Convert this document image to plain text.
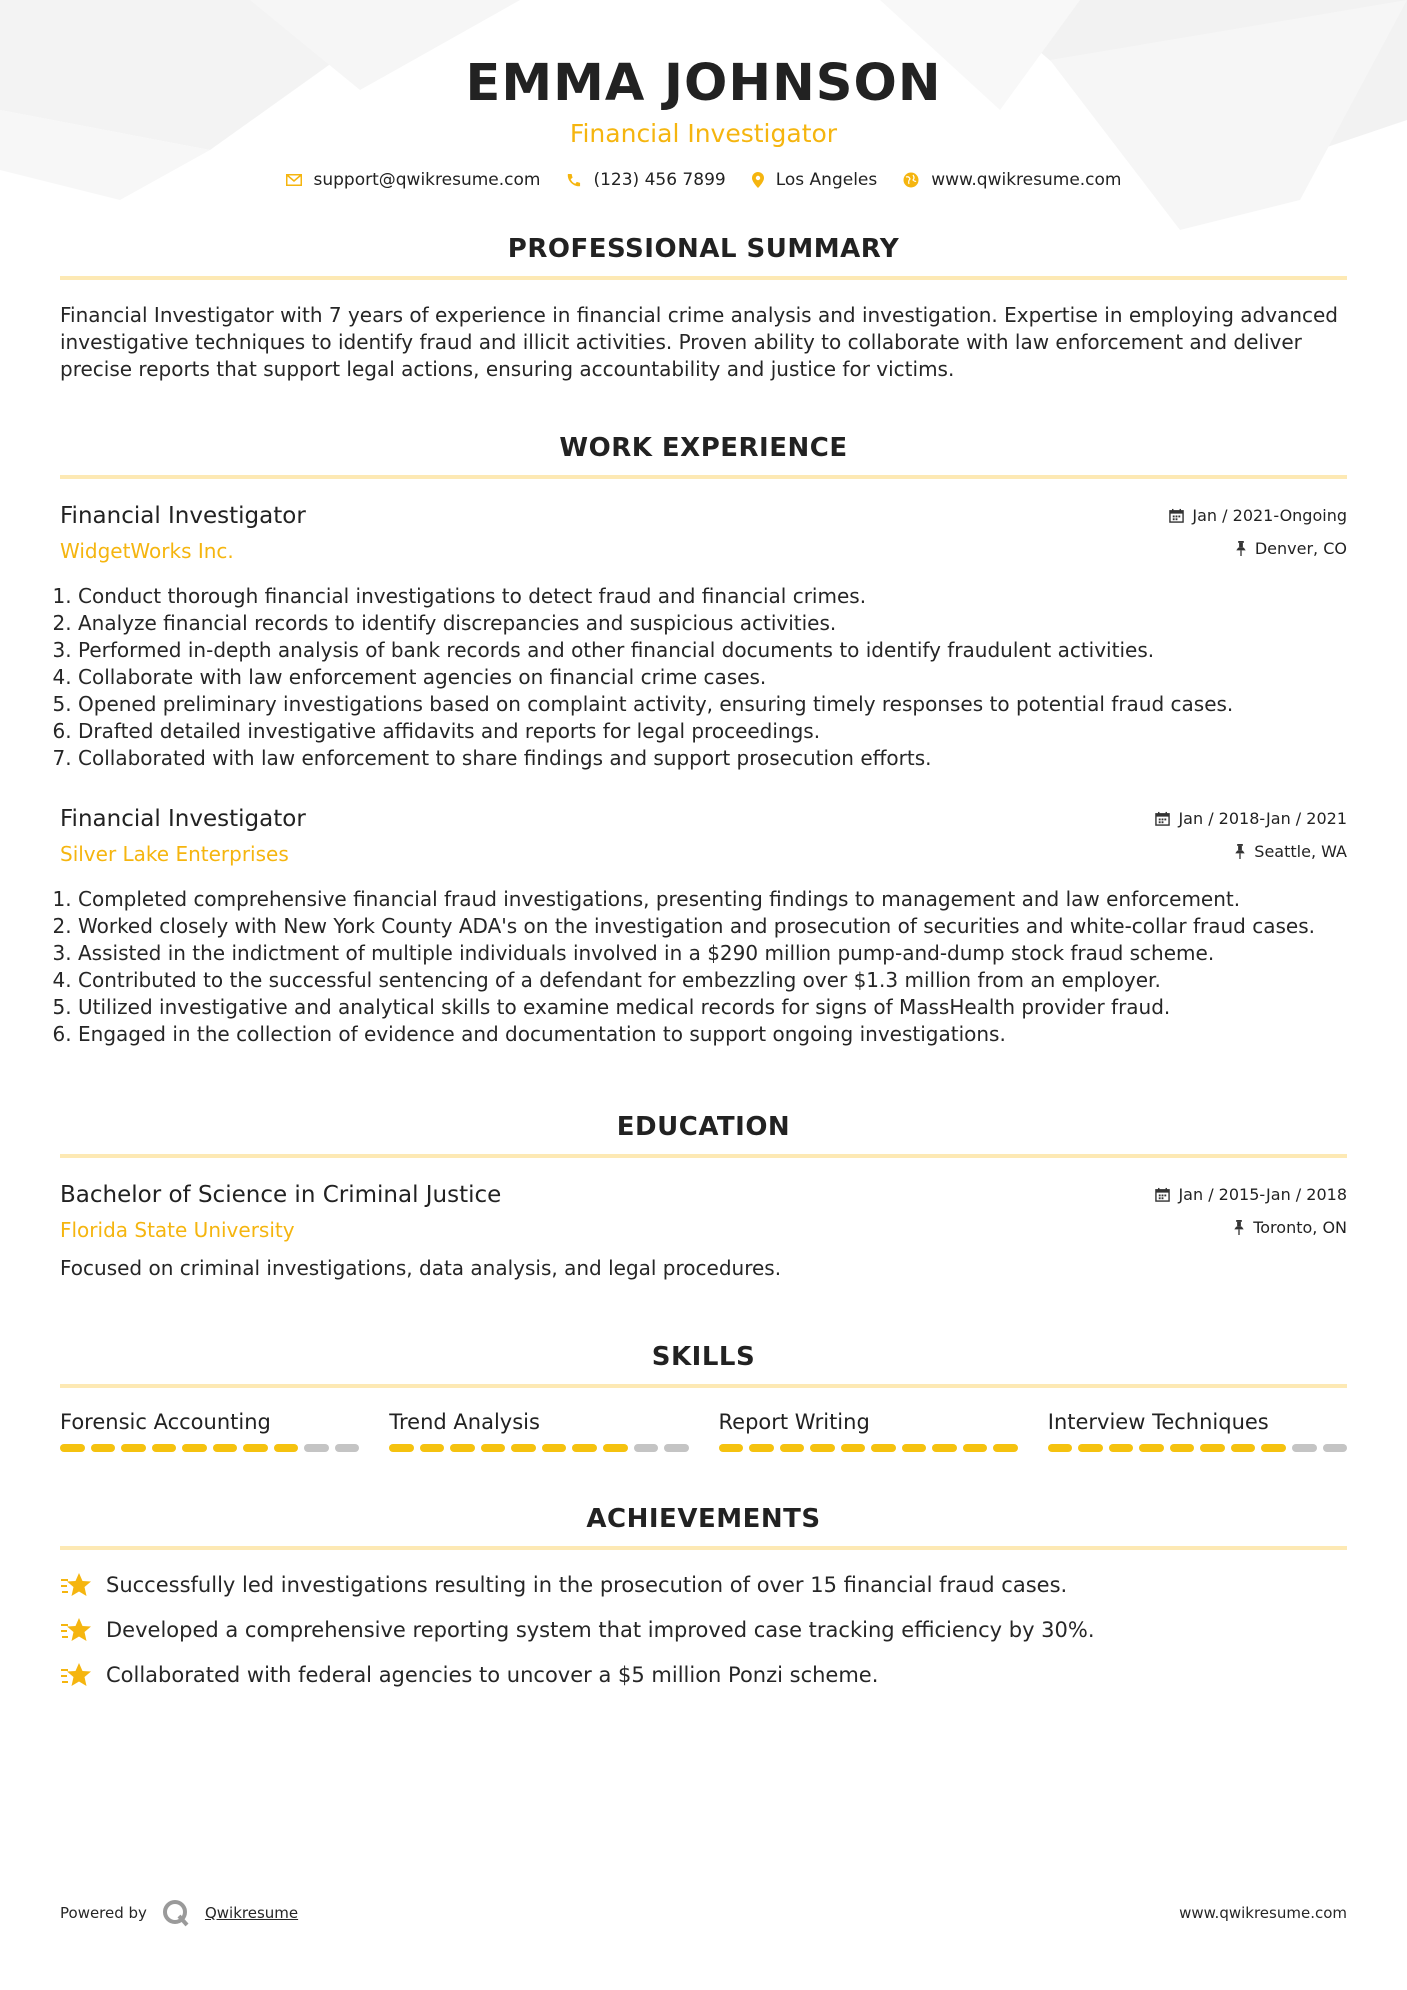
EMMA JOHNSON
Financial Investigator
support@qwikresume.com	(123) 456 7899	Los Angeles	www.qwikresume.com
PROFESSIONAL SUMMARY
Financial Investigator with 7 years of experience in financial crime analysis and investigation. Expertise in employing advanced investigative techniques to identify fraud and illicit activities. Proven ability to collaborate with law enforcement and deliver precise reports that support legal actions, ensuring accountability and justice for victims.
WORK EXPERIENCE
Financial Investigator
WidgetWorks Inc.
Jan / 2021-Ongoing
Denver, CO
1. Conduct thorough financial investigations to detect fraud and financial crimes.
2. Analyze financial records to identify discrepancies and suspicious activities.
3. Performed in-depth analysis of bank records and other financial documents to identify fraudulent activities.
4. Collaborate with law enforcement agencies on financial crime cases.
5. Opened preliminary investigations based on complaint activity, ensuring timely responses to potential fraud cases.
6. Drafted detailed investigative affidavits and reports for legal proceedings.
7. Collaborated with law enforcement to share findings and support prosecution efforts.
Financial Investigator
Silver Lake Enterprises
Jan / 2018-Jan / 2021
Seattle, WA
1. Completed comprehensive financial fraud investigations, presenting findings to management and law enforcement.
2. Worked closely with New York County ADA's on the investigation and prosecution of securities and white-collar fraud cases.
3. Assisted in the indictment of multiple individuals involved in a $290 million pump-and-dump stock fraud scheme.
4. Contributed to the successful sentencing of a defendant for embezzling over $1.3 million from an employer.
5. Utilized investigative and analytical skills to examine medical records for signs of MassHealth provider fraud.
6. Engaged in the collection of evidence and documentation to support ongoing investigations.
EDUCATION
Bachelor of Science in Criminal Justice
Florida State University
Jan / 2015-Jan / 2018
Toronto, ON
Focused on criminal investigations, data analysis, and legal procedures.
SKILLS
Forensic Accounting	Trend Analysis	Report Writing	Interview Techniques
ACHIEVEMENTS
Successfully led investigations resulting in the prosecution of over 15 financial fraud cases.
Developed a comprehensive reporting system that improved case tracking efficiency by 30%.
Collaborated with federal agencies to uncover a $5 million Ponzi scheme.
Powered by	Qwikresume	www.qwikresume.com
